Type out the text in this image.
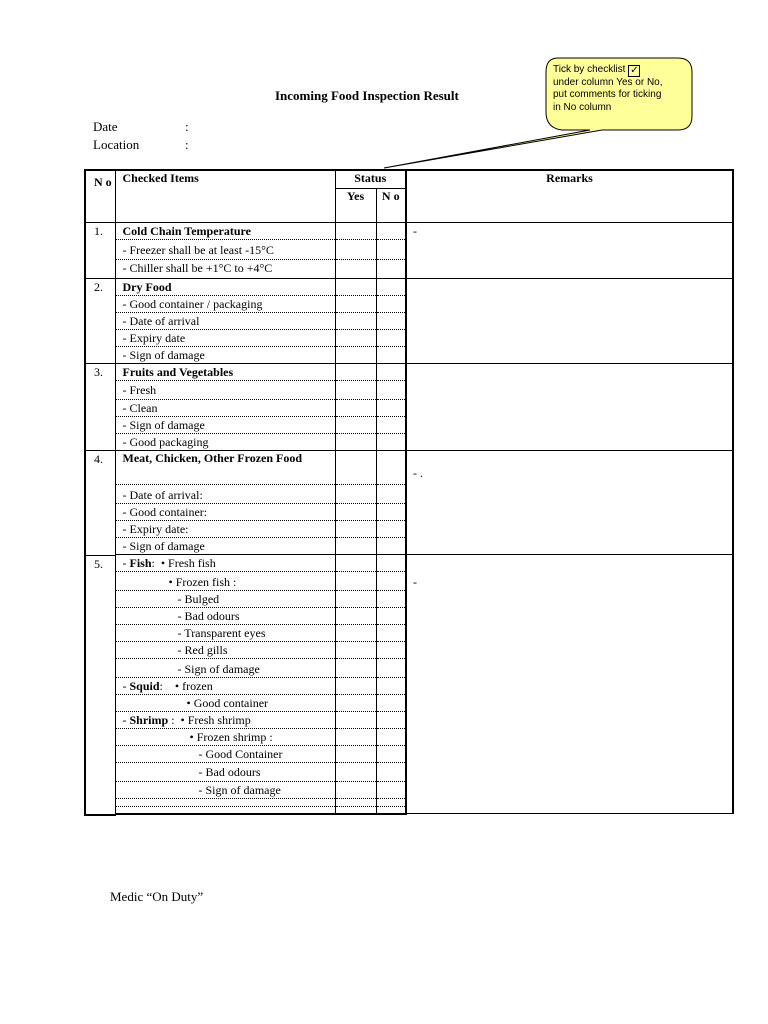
Incoming Food Inspection Result
Date	:
Location	:
Tick by checklist ✓
under column Yes or No,
put comments for ticking
in No column
N o	Checked Items	Status		Remarks
		Yes	N o	
1.	Cold Chain Temperature			-
	- Freezer shall be at least -15°C			
	- Chiller shall be +1°C to +4°C			

2.	Dry Food			
	- Good container / packaging			
	- Date of arrival			
	- Expiry date			
	- Sign of damage			

3.	Fruits and Vegetables			
	- Fresh			
	- Clean			
	- Sign of damage			
	- Good packaging			

4.	Meat, Chicken, Other Frozen Food			- .
	- Date of arrival:			
	- Good container:			
	- Expiry date:			
	- Sign of damage			

5.	- Fish:  • Fresh fish			-
	• Frozen fish :			
	- Bulged			
	- Bad odours			
	- Transparent eyes			
	- Red gills			
	- Sign of damage			
	- Squid:    • frozen			
	• Good container			
	- Shrimp :  • Fresh shrimp			
	• Frozen shrimp :			
	- Good Container			
	- Bad odours			
	- Sign of damage			

Medic “On Duty”
